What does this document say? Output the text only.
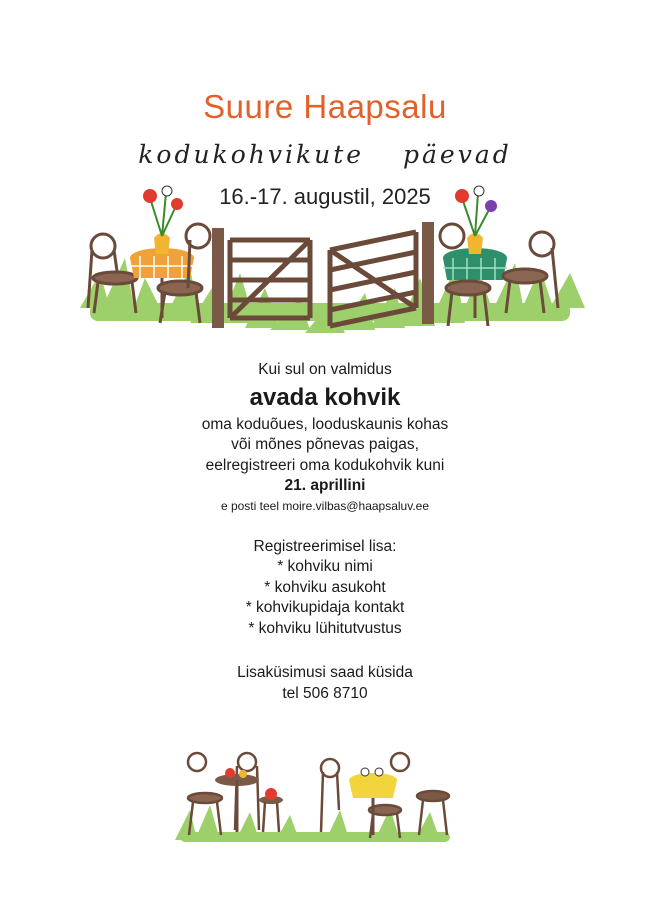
Suure Haapsalu
kodukohvikute päevad
16.-17. augustil, 2025
Kui sul on valmidus
avada kohvik
oma koduõues, looduskaunis kohas
või mõnes põnevas paigas,
eelregistreeri oma kodukohvik kuni
21. aprillini
e posti teel moire.vilbas@haapsaluv.ee
Registreerimisel lisa:
* kohviku nimi
* kohviku asukoht
* kohvikupidaja kontakt
* kohviku lühitutvustus
Lisaküsimusi saad küsida
tel 506 8710
